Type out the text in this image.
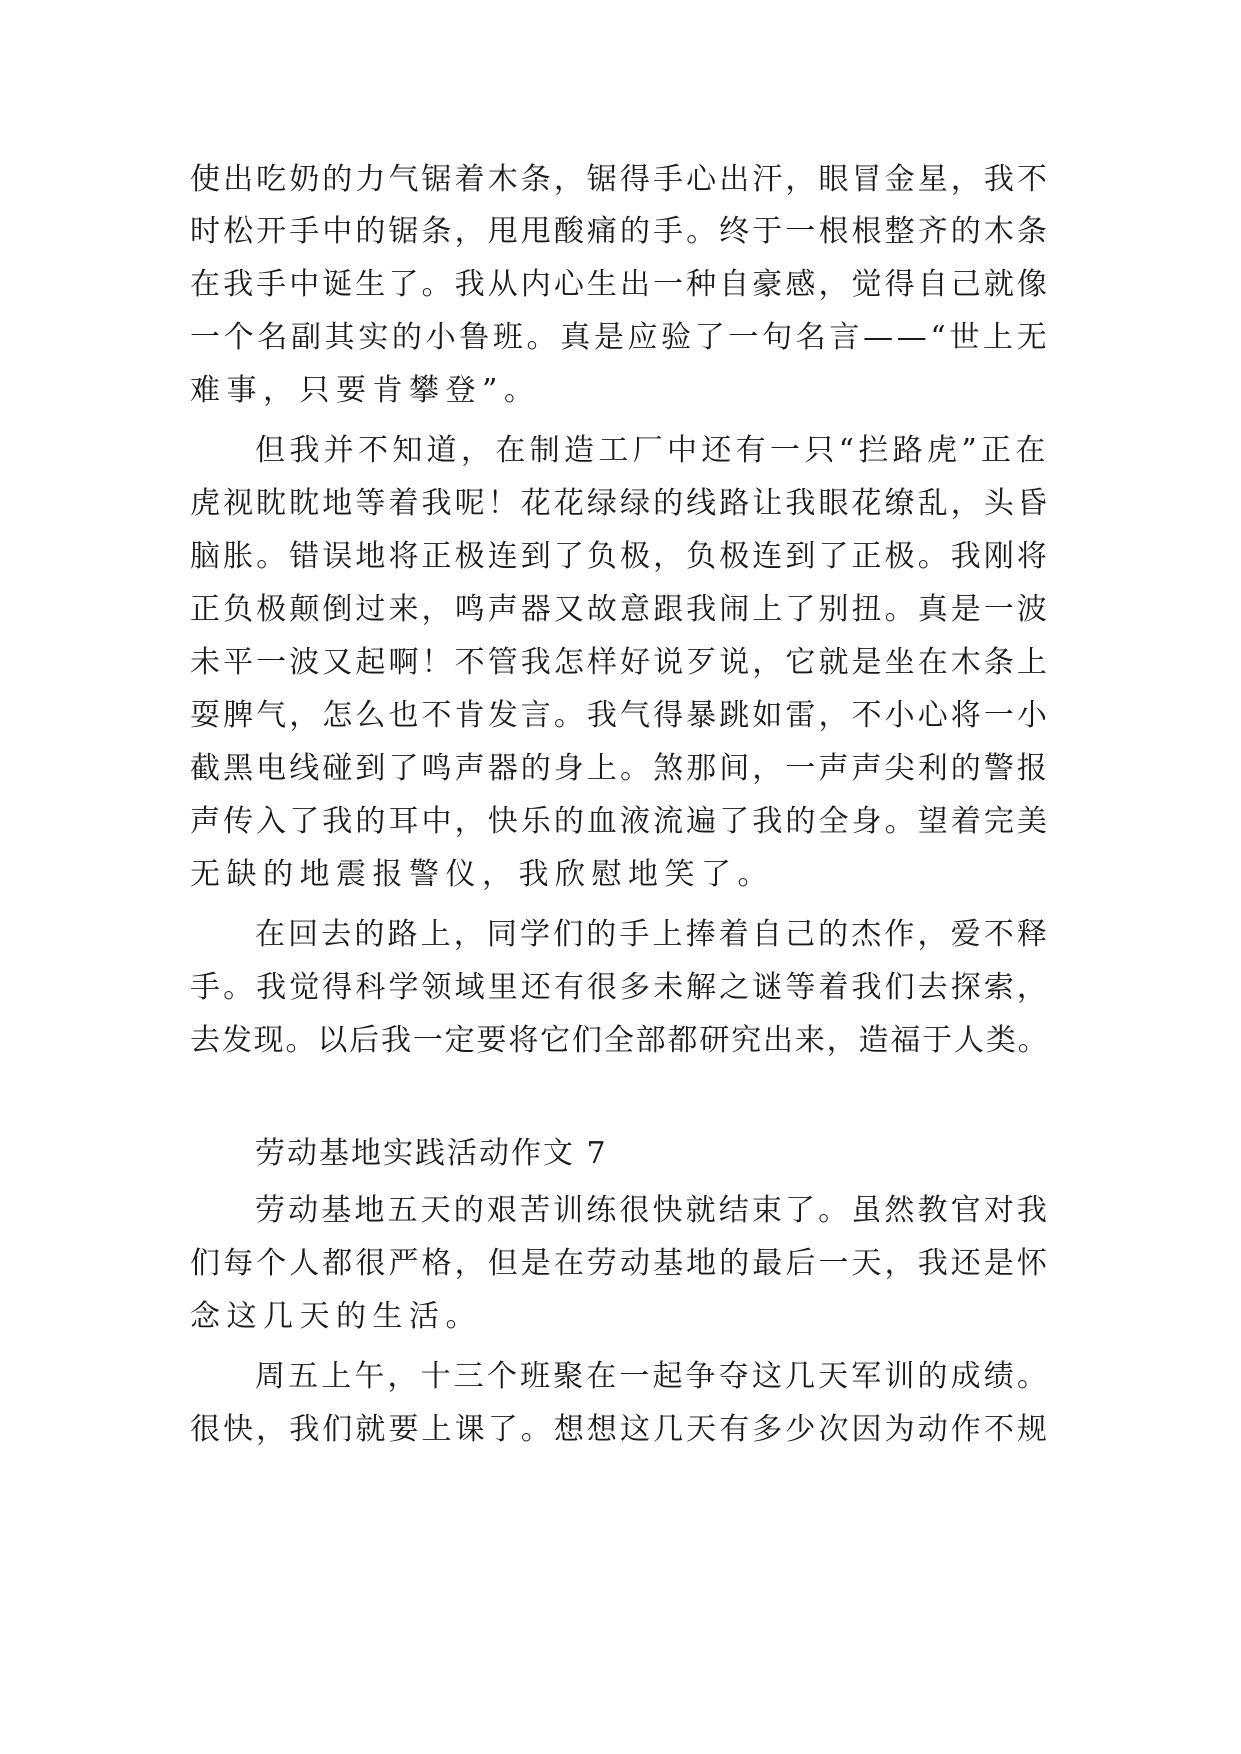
使出吃奶的力气锯着木条，锯得手心出汗，眼冒金星，我不
时松开手中的锯条，甩甩酸痛的手。终于一根根整齐的木条
在我手中诞生了。我从内心生出一种自豪感，觉得自己就像
一个名副其实的小鲁班。真是应验了一句名言——“世上无
难事，只要肯攀登”。
但我并不知道，在制造工厂中还有一只“拦路虎”正在
虎视眈眈地等着我呢！花花绿绿的线路让我眼花缭乱，头昏
脑胀。错误地将正极连到了负极，负极连到了正极。我刚将
正负极颠倒过来，鸣声器又故意跟我闹上了别扭。真是一波
未平一波又起啊！不管我怎样好说歹说，它就是坐在木条上
耍脾气，怎么也不肯发言。我气得暴跳如雷，不小心将一小
截黑电线碰到了鸣声器的身上。煞那间，一声声尖利的警报
声传入了我的耳中，快乐的血液流遍了我的全身。望着完美
无缺的地震报警仪，我欣慰地笑了。
在回去的路上，同学们的手上捧着自己的杰作，爱不释
手。我觉得科学领域里还有很多未解之谜等着我们去探索，
去发现。以后我一定要将它们全部都研究出来，造福于人类。
劳动基地实践活动作文 7
劳动基地五天的艰苦训练很快就结束了。虽然教官对我
们每个人都很严格，但是在劳动基地的最后一天，我还是怀
念这几天的生活。
周五上午，十三个班聚在一起争夺这几天军训的成绩。
很快，我们就要上课了。想想这几天有多少次因为动作不规
